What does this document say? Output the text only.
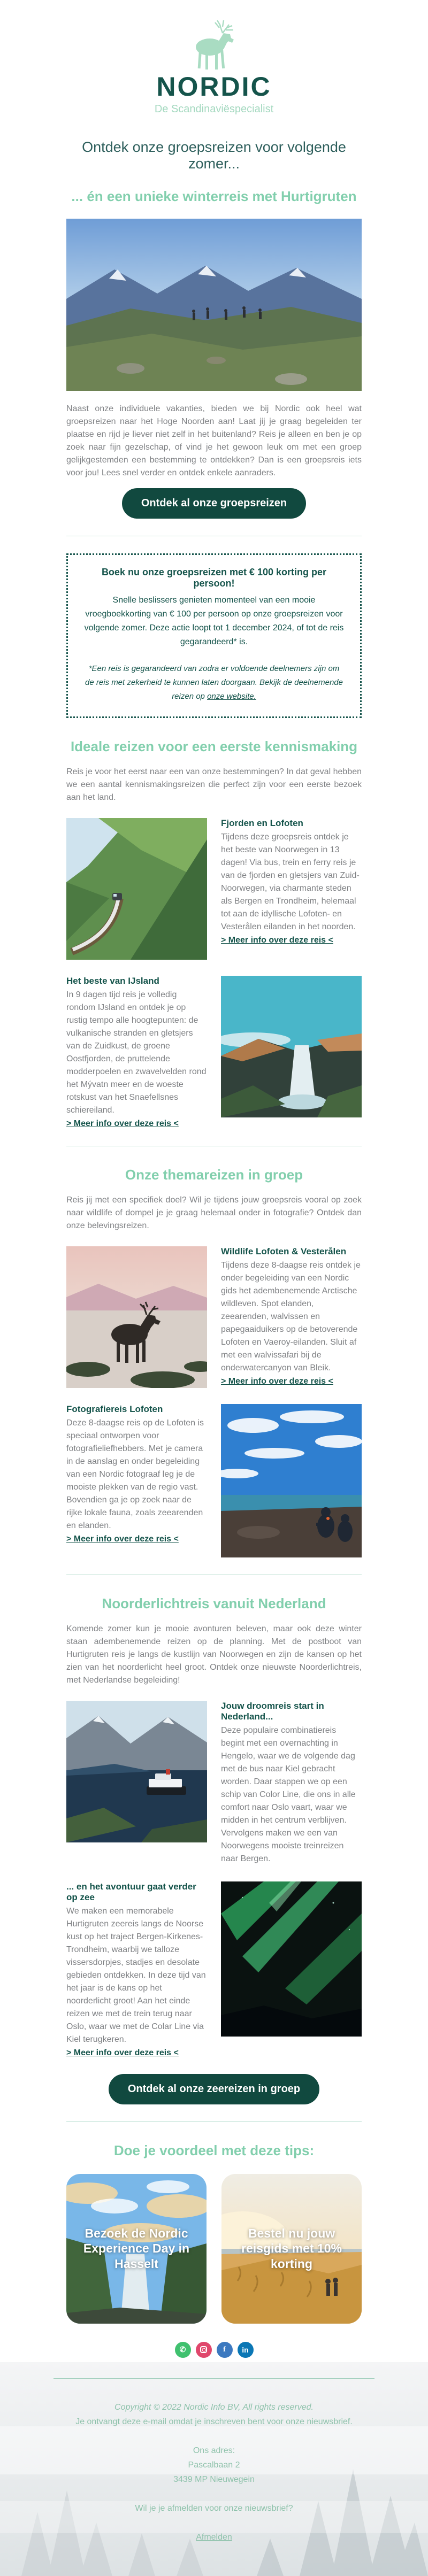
NORDIC
De Scandinaviëspecialist
Ontdek onze groepsreizen voor volgende zomer...
... én een unieke winterreis met Hurtigruten

Naast onze individuele vakanties, bieden we bij Nordic ook heel wat groepsreizen naar het Hoge Noorden aan! Laat jij je graag begeleiden ter plaatse en rijd je liever niet zelf in het buitenland? Reis je alleen en ben je op zoek naar fijn gezelschap, of vind je het gewoon leuk om met een groep gelijkgestemden een bestemming te ontdekken? Dan is een groepsreis iets voor jou! Lees snel verder en ontdek enkele aanraders.

Ontdek al onze groepsreizen
Boek nu onze groepsreizen met € 100 korting per persoon!
Snelle beslissers genieten momenteel van een mooie vroegboekkorting van € 100 per persoon op onze groepsreizen voor volgende zomer. Deze actie loopt tot 1 december 2024, of tot de reis gegarandeerd* is.
*Een reis is gegarandeerd van zodra er voldoende deelnemers zijn om de reis met zekerheid te kunnen laten doorgaan. Bekijk de deelnemende reizen op onze website.
Ideale reizen voor een eerste kennismaking

Reis je voor het eerst naar een van onze bestemmingen? In dat geval hebben we een aantal kennismakingsreizen die perfect zijn voor een eerste bezoek aan het land.

Fjorden en Lofoten
Tijdens deze groepsreis ontdek je het beste van Noorwegen in 13 dagen! Via bus, trein en ferry reis je van de fjorden en gletsjers van Zuid-Noorwegen, via charmante steden als Bergen en Trondheim, helemaal tot aan de idyllische Lofoten- en Vesterålen eilanden in het noorden.
> Meer info over deze reis <
Het beste van IJsland
In 9 dagen tijd reis je volledig rondom IJsland en ontdek je op rustig tempo alle hoogtepunten: de vulkanische stranden en gletsjers van de Zuidkust, de groene Oostfjorden, de pruttelende modderpoelen en zwavelvelden rond het Mývatn meer en de woeste rotskust van het Snaefellsnes schiereiland.
> Meer info over deze reis <
Onze themareizen in groep

Reis jij met een specifiek doel? Wil je tijdens jouw groepsreis vooral op zoek naar wildlife of dompel je je graag helemaal onder in fotografie? Ontdek dan onze belevingsreizen.

Wildlife Lofoten & Vesterålen
Tijdens deze 8-daagse reis ontdek je onder begeleiding van een Nordic gids het adembenemende Arctische wildleven. Spot elanden, zeearenden, walvissen en papegaaiduikers op de betoverende Lofoten en Vaeroy-eilanden. Sluit af met een walvissafari bij de onderwatercanyon van Bleik.
> Meer info over deze reis <
Fotografiereis Lofoten
Deze 8-daagse reis op de Lofoten is speciaal ontworpen voor fotografieliefhebbers. Met je camera in de aanslag en onder begeleiding van een Nordic fotograaf leg je de mooiste plekken van de regio vast. Bovendien ga je op zoek naar de rijke lokale fauna, zoals zeearenden en elanden.
> Meer info over deze reis <
Noorderlichtreis vanuit Nederland

Komende zomer kun je mooie avonturen beleven, maar ook deze winter staan adembenemende reizen op de planning. Met de postboot van Hurtigruten reis je langs de kustlijn van Noorwegen en zijn de kansen op het zien van het noorderlicht heel groot. Ontdek onze nieuwste Noorderlichtreis, met Nederlandse begeleiding!

Jouw droomreis start in Nederland...
Deze populaire combinatiereis begint met een overnachting in Hengelo, waar we de volgende dag met de bus naar Kiel gebracht worden. Daar stappen we op een schip van Color Line, die ons in alle comfort naar Oslo vaart, waar we midden in het centrum verblijven. Vervolgens maken we een van Noorwegens mooiste treinreizen naar Bergen.
... en het avontuur gaat verder op zee
We maken een memorabele Hurtigruten zeereis langs de Noorse kust op het traject Bergen-Kirkenes-Trondheim, waarbij we talloze vissersdorpjes, stadjes en desolate gebieden ontdekken. In deze tijd van het jaar is de kans op het noorderlicht groot! Aan het einde reizen we met de trein terug naar Oslo, waar we met de Colar Line via Kiel terugkeren.
> Meer info over deze reis <
Ontdek al onze zeereizen in groep
Doe je voordeel met deze tips:
Bezoek de Nordic Experience Day in Hasselt
Bestel nu jouw reisgids met 10% korting
✆	f	in
Copyright © 2022 Nordic Info BV, All rights reserved.
Je ontvangt deze e-mail omdat je inschreven bent voor onze nieuwsbrief.
Ons adres:
Pascalbaan 2
3439 MP Nieuwegein
Wil je je afmelden voor onze nieuwsbrief?
Afmelden
